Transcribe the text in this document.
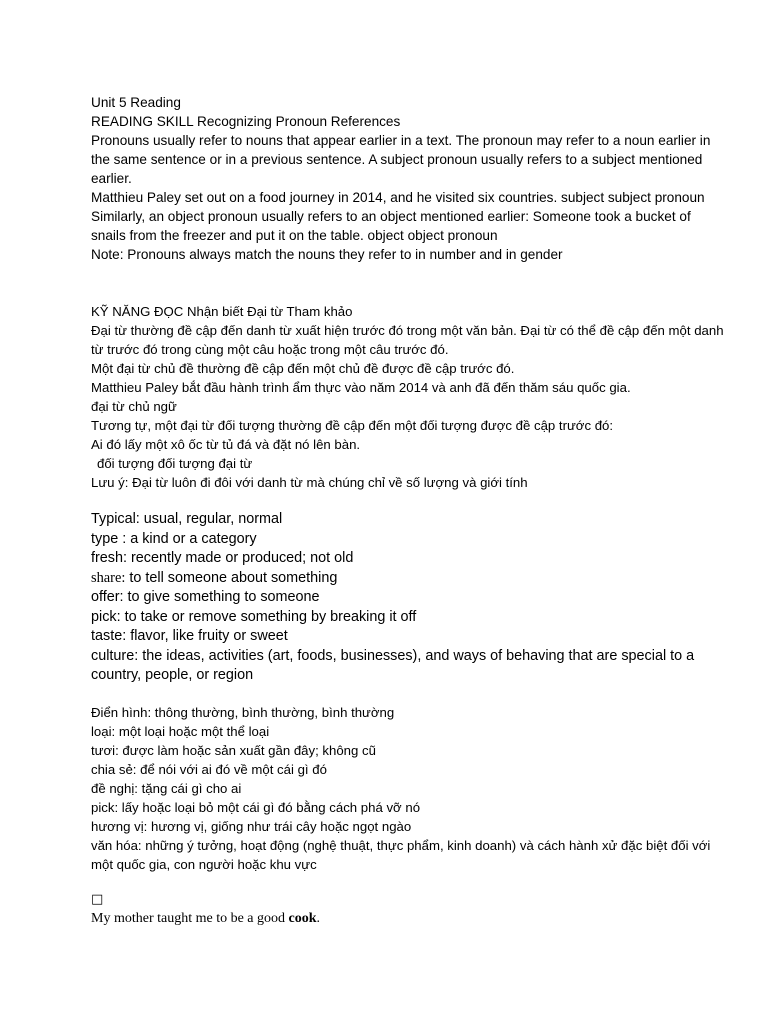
Unit 5 Reading

READING SKILL Recognizing Pronoun References

Pronouns usually refer to nouns that appear earlier in a text. The pronoun may refer to a noun earlier in the same sentence or in a previous sentence. A subject pronoun usually refers to a subject mentioned earlier.

Matthieu Paley set out on a food journey in 2014, and he visited six countries. subject subject pronoun

Similarly, an object pronoun usually refers to an object mentioned earlier: Someone took a bucket of snails from the freezer and put it on the table. object object pronoun

Note: Pronouns always match the nouns they refer to in number and in gender

KỸ NĂNG ĐỌC Nhận biết Đại từ Tham khảo

Đại từ thường đề cập đến danh từ xuất hiện trước đó trong một văn bản. Đại từ có thể đề cập đến một danh từ trước đó trong cùng một câu hoặc trong một câu trước đó.

Một đại từ chủ đề thường đề cập đến một chủ đề được đề cập trước đó.

Matthieu Paley bắt đầu hành trình ẩm thực vào năm 2014 và anh đã đến thăm sáu quốc gia.

đại từ chủ ngữ

Tương tự, một đại từ đối tượng thường đề cập đến một đối tượng được đề cập trước đó:

Ai đó lấy một xô ốc từ tủ đá và đặt nó lên bàn.

đối tượng đối tượng đại từ

Lưu ý: Đại từ luôn đi đôi với danh từ mà chúng chỉ về số lượng và giới tính

Typical: usual, regular, normal

type : a kind or a category

fresh: recently made or produced; not old

share: to tell someone about something

offer: to give something to someone

pick: to take or remove something by breaking it off

taste: flavor, like fruity or sweet

culture: the ideas, activities (art, foods, businesses), and ways of behaving that are special to a country, people, or region

Điển hình: thông thường, bình thường, bình thường

loại: một loại hoặc một thể loại

tươi: được làm hoặc sản xuất gần đây; không cũ

chia sẻ: để nói với ai đó về một cái gì đó

đề nghị: tặng cái gì cho ai

pick: lấy hoặc loại bỏ một cái gì đó bằng cách phá vỡ nó

hương vị: hương vị, giống như trái cây hoặc ngọt ngào

văn hóa: những ý tưởng, hoạt động (nghệ thuật, thực phẩm, kinh doanh) và cách hành xử đặc biệt đối với một quốc gia, con người hoặc khu vực

□

My mother taught me to be a good cook.
